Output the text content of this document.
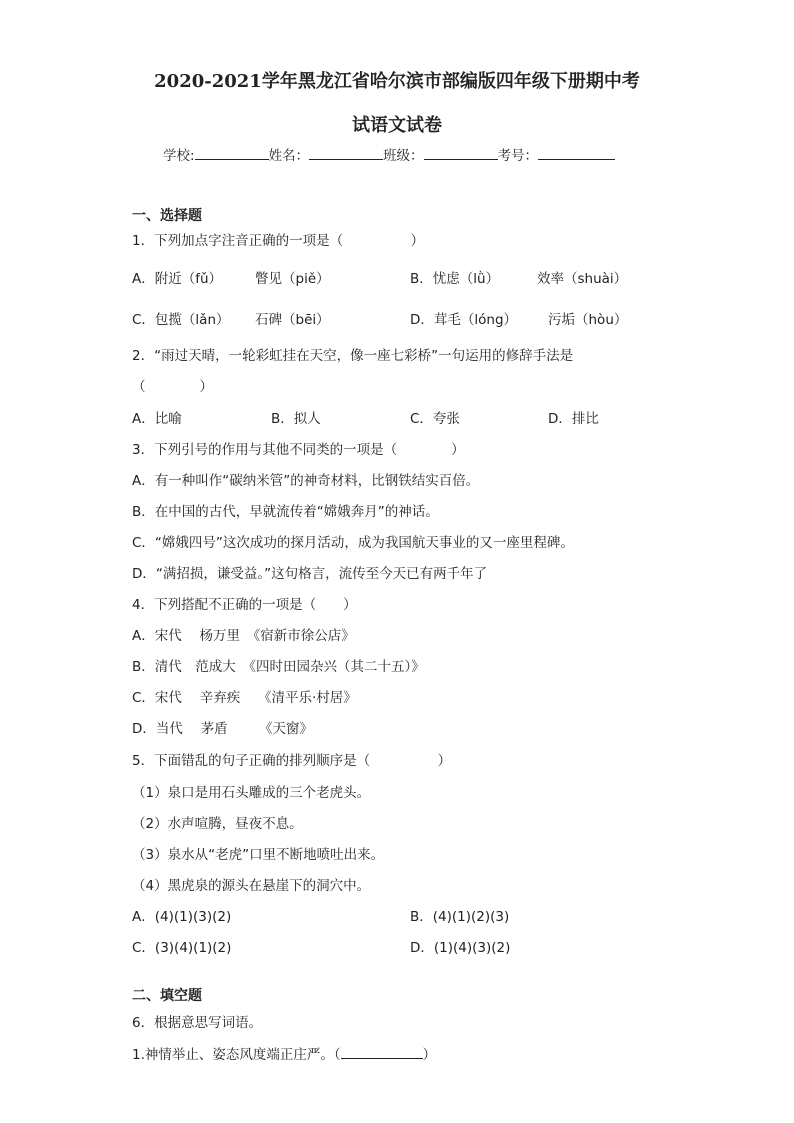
2020-2021学年黑龙江省哈尔滨市部编版四年级下册期中考
试语文试卷
学校:	姓名：	班级：	考号：
一、选择题
1．下列加点字注音正确的一项是（　　　　　）
A．附近（fǔ） 瞥见（piě）	B．忧虑（lǜ）	效率（shuài）
C．包揽（lǎn） 石碑（bēi）	D．茸毛（lóng） 污垢（hòu）
2．“雨过天晴，一轮彩虹挂在天空，像一座七彩桥”一句运用的修辞手法是
（　　　　）
A．比喻	B．拟人	C．夸张	D．排比
3．下列引号的作用与其他不同类的一项是（　　　　）
A．有一种叫作“碳纳米管”的神奇材料，比钢铁结实百倍。
B．在中国的古代，早就流传着“嫦娥奔月”的神话。
C．“嫦娥四号”这次成功的探月活动，成为我国航天事业的又一座里程碑。
D．“满招损，谦受益。”这句格言，流传至今天已有两千年了
4．下列搭配不正确的一项是（　　）
A．宋代　 杨万里　《宿新市徐公店》
B．清代　范成大　《四时田园杂兴（其二十五）》
C．宋代　 辛弃疾　 《清平乐·村居》
D．当代　 茅盾　　 《天窗》
5．下面错乱的句子正确的排列顺序是（　　　　　）
（1）泉口是用石头雕成的三个老虎头。
（2）水声喧腾，昼夜不息。
（3）泉水从“老虎”口里不断地喷吐出来。
（4）黑虎泉的源头在悬崖下的洞穴中。
A．(4)(1)(3)(2)	B．(4)(1)(2)(3)
C．(3)(4)(1)(2)	D．(1)(4)(3)(2)
二、填空题
6．根据意思写词语。
1.神情举止、姿态风度端正庄严。（	）
